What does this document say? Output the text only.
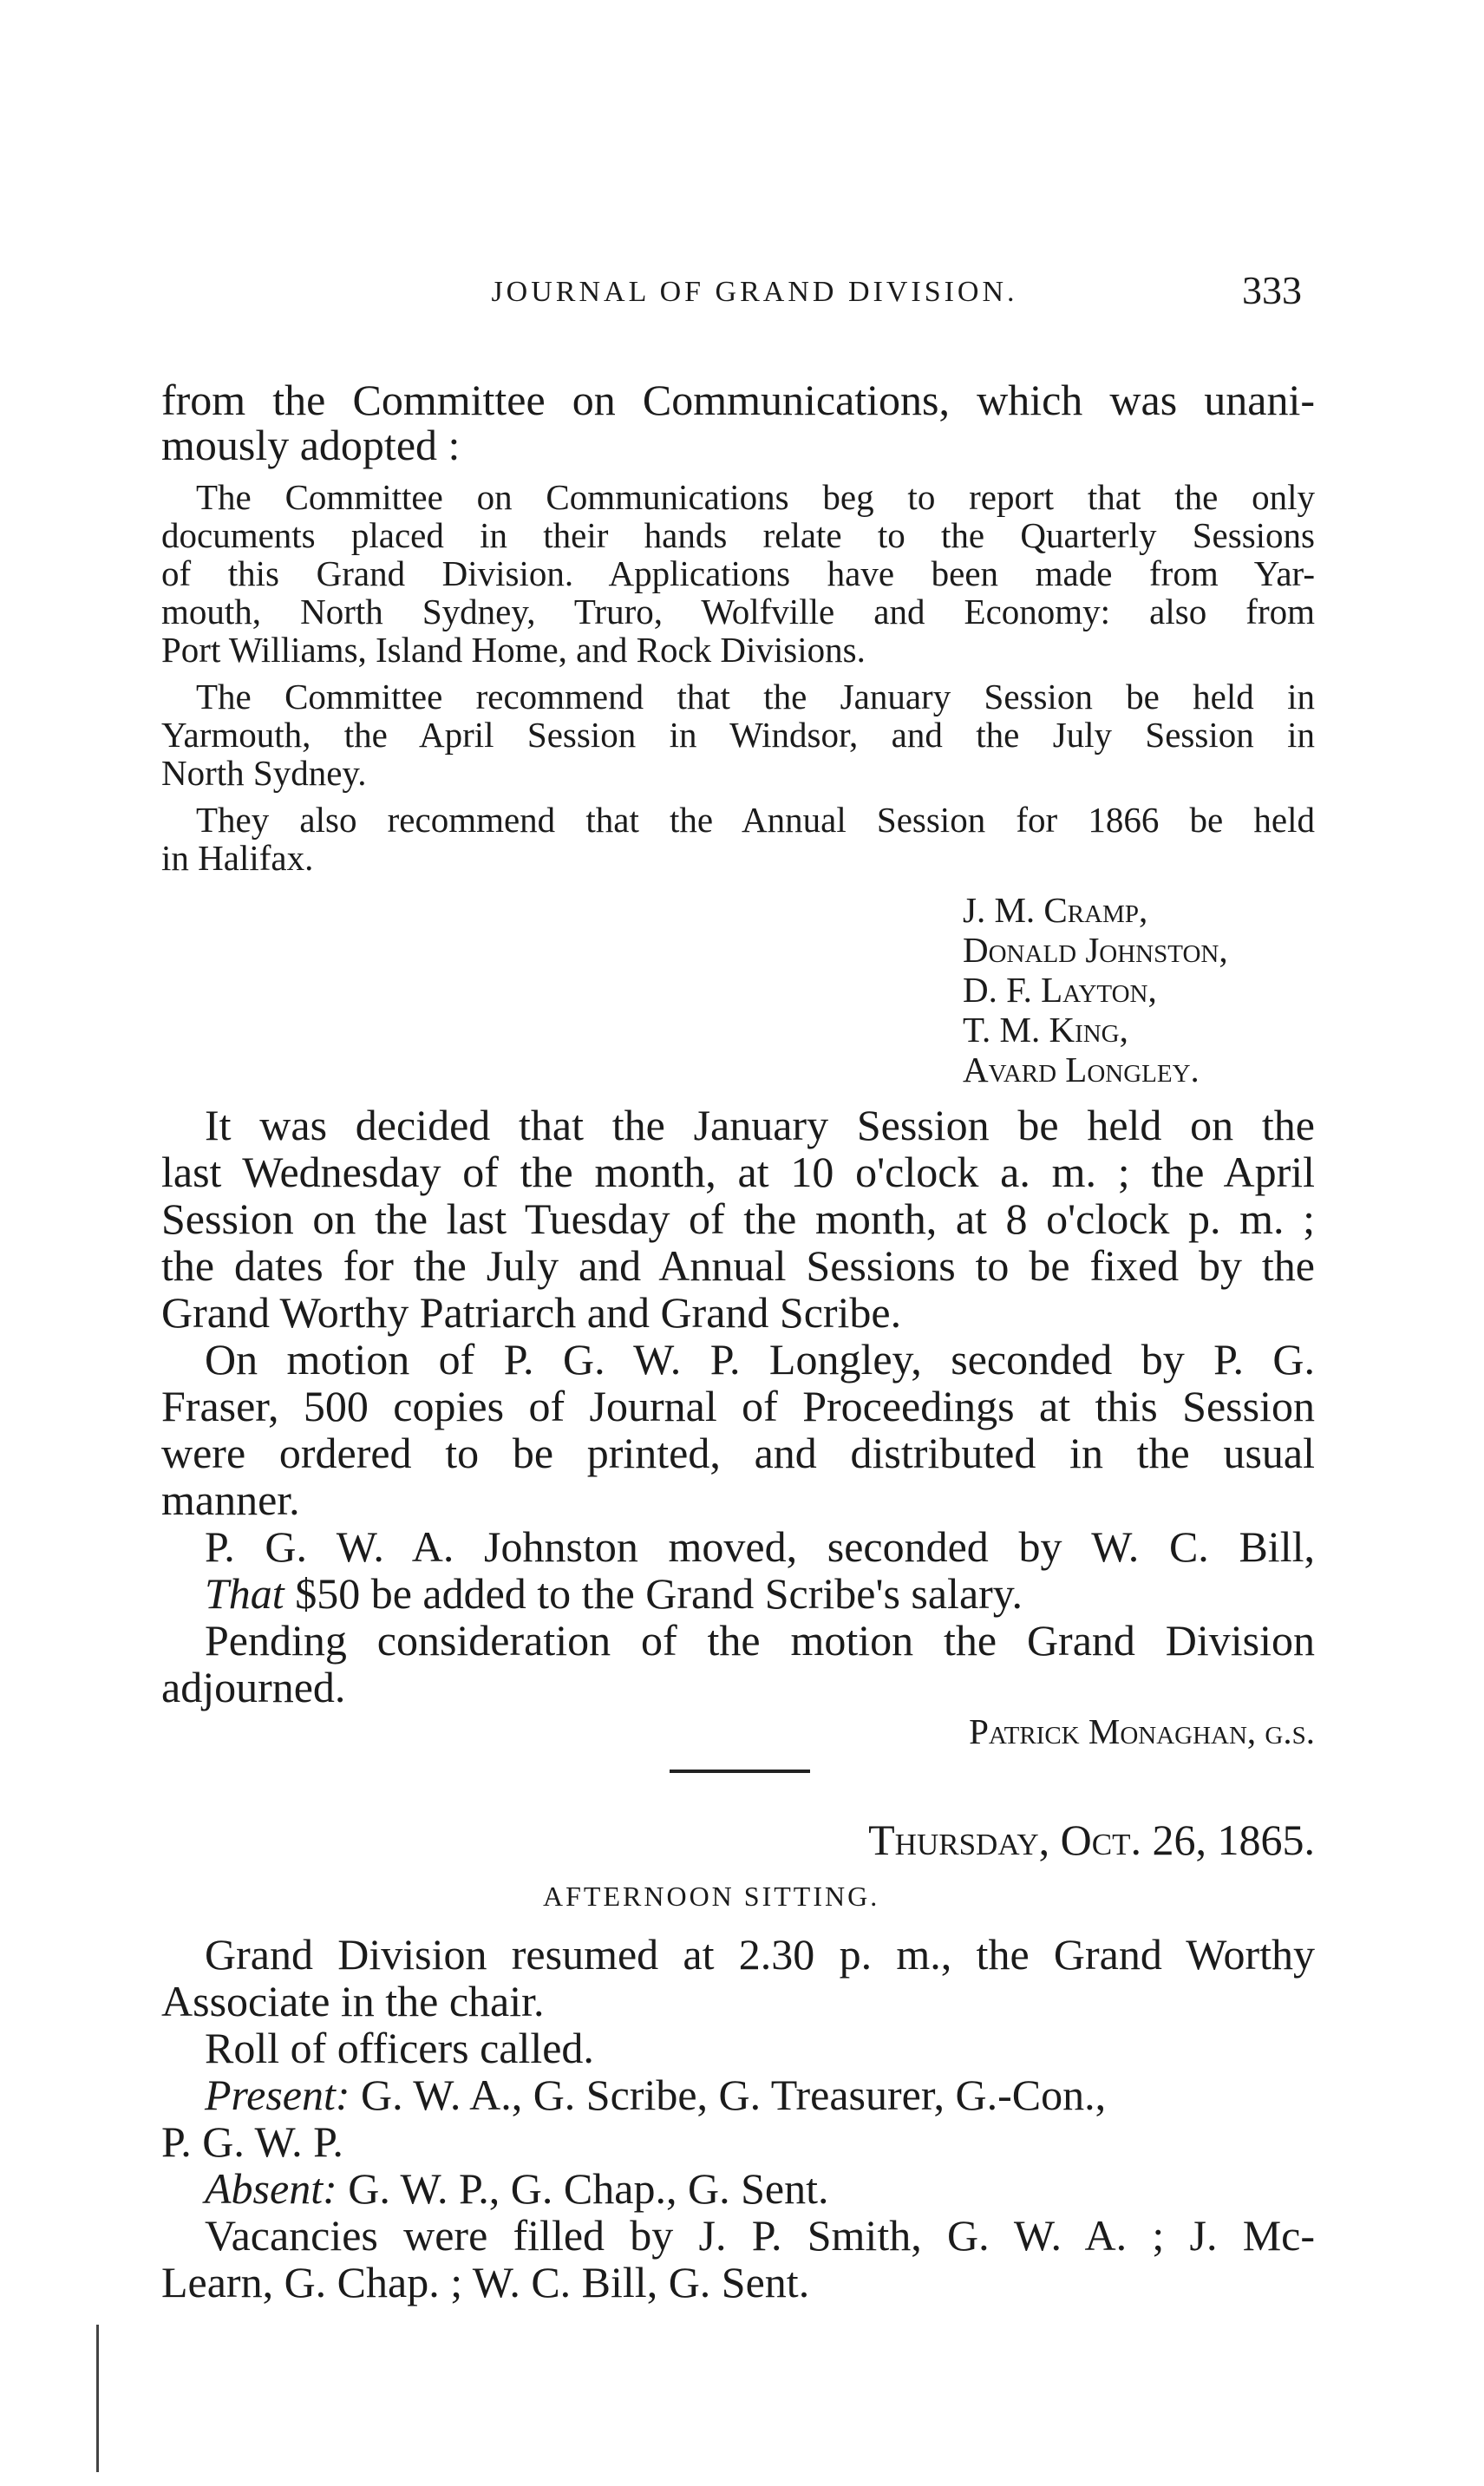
JOURNAL OF GRAND DIVISION.	333
from the Committee on Communications, which was unani-
mously adopted :
The Committee on Communications beg to report that the only
documents placed in their hands relate to the Quarterly Sessions
of this Grand Division. Applications have been made from Yar-
mouth, North Sydney, Truro, Wolfville and Economy: also from
Port Williams, Island Home, and Rock Divisions.
The Committee recommend that the January Session be held in
Yarmouth, the April Session in Windsor, and the July Session in
North Sydney.
They also recommend that the Annual Session for 1866 be held
in Halifax.
J. M. Cramp,
Donald Johnston,
D. F. Layton,
T. M. King,
Avard Longley.
It was decided that the January Session be held on the
last Wednesday of the month, at 10 o'clock a. m. ; the April
Session on the last Tuesday of the month, at 8 o'clock p. m. ;
the dates for the July and Annual Sessions to be fixed by the
Grand Worthy Patriarch and Grand Scribe.
On motion of P. G. W. P. Longley, seconded by P. G.
Fraser, 500 copies of Journal of Proceedings at this Session
were ordered to be printed, and distributed in the usual
manner.
P. G. W. A. Johnston moved, seconded by W. C. Bill,
That $50 be added to the Grand Scribe's salary.
Pending consideration of the motion the Grand Division
adjourned.
Patrick Monaghan, g.s.
Thursday, Oct. 26, 1865.
AFTERNOON SITTING.
Grand Division resumed at 2.30 p. m., the Grand Worthy
Associate in the chair.
Roll of officers called.
Present: G. W. A., G. Scribe, G. Treasurer, G.-Con.,
P. G. W. P.
Absent: G. W. P., G. Chap., G. Sent.
Vacancies were filled by J. P. Smith, G. W. A. ; J. Mc-
Learn, G. Chap. ; W. C. Bill, G. Sent.
